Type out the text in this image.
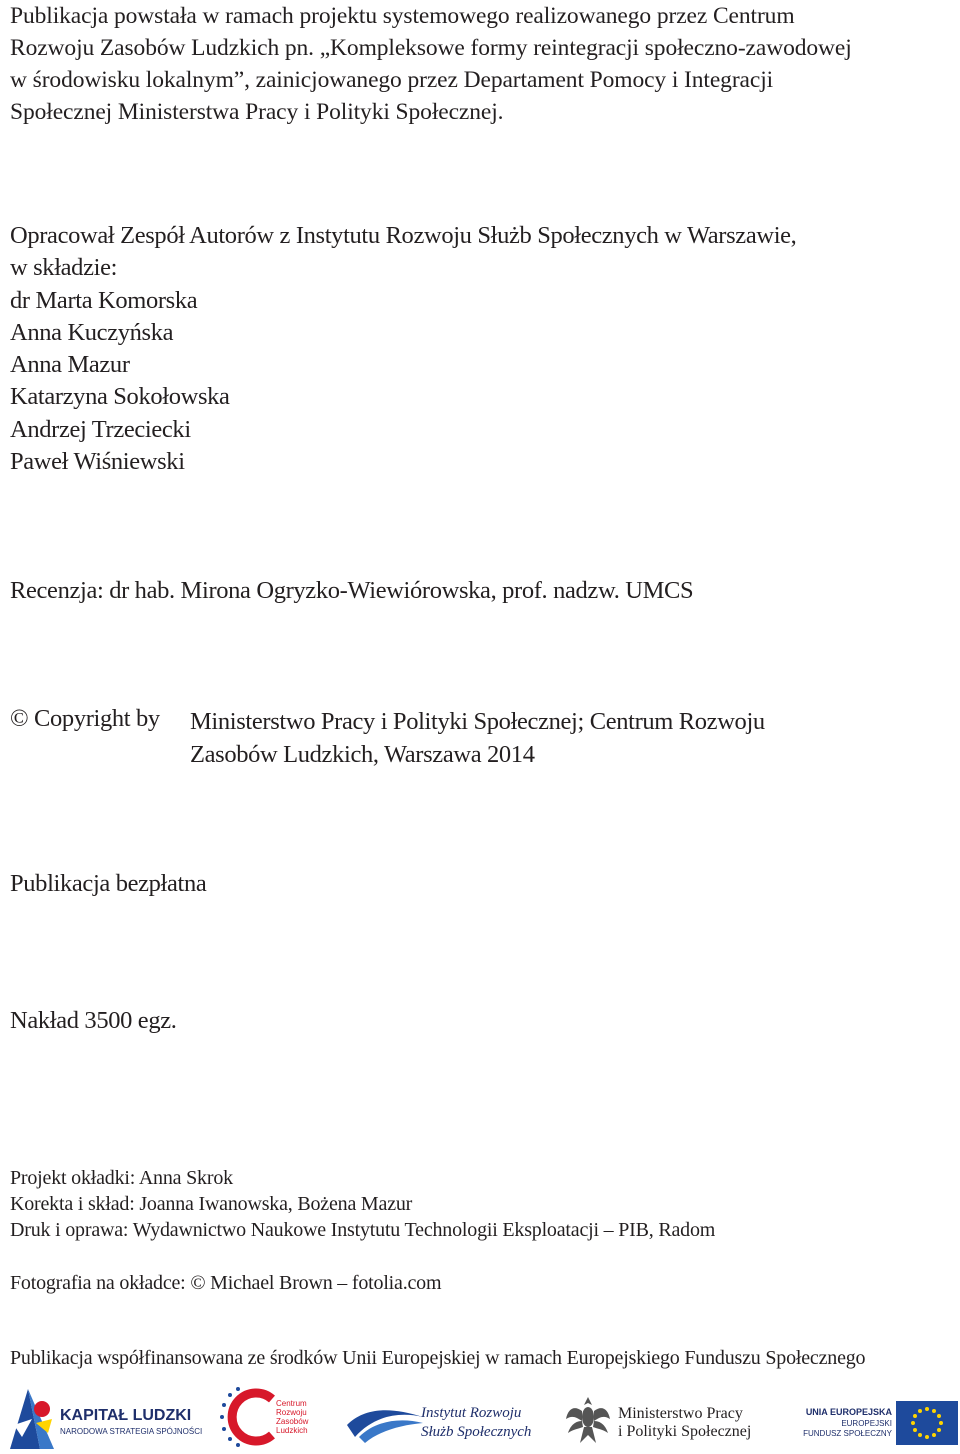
Publikacja powstała w ramach projektu systemowego realizowanego przez Centrum
Rozwoju Zasobów Ludzkich pn. „Kompleksowe formy reintegracji społeczno-zawodowej
w środowisku lokalnym”, zainicjowanego przez Departament Pomocy i Integracji
Społecznej Ministerstwa Pracy i Polityki Społecznej.
Opracował Zespół Autorów z Instytutu Rozwoju Służb Społecznych w Warszawie,
w składzie:
dr Marta Komorska
Anna Kuczyńska
Anna Mazur
Katarzyna Sokołowska
Andrzej Trzeciecki
Paweł Wiśniewski
Recenzja: dr hab. Mirona Ogryzko-Wiewiórowska, prof. nadzw. UMCS
© Copyright by Ministerstwo Pracy i Polityki Społecznej; Centrum Rozwoju
Zasobów Ludzkich, Warszawa 2014
Publikacja bezpłatna
Nakład 3500 egz.
Projekt okładki: Anna Skrok
Korekta i skład: Joanna Iwanowska, Bożena Mazur
Druk i oprawa: Wydawnictwo Naukowe Instytutu Technologii Eksploatacji – PIB, Radom
Fotografia na okładce: © Michael Brown – fotolia.com
Publikacja współfinansowana ze środków Unii Europejskiej w ramach Europejskiego Funduszu Społecznego
KAPITAŁ LUDZKI
NARODOWA STRATEGIA SPÓJNOŚCI
Centrum
Rozwoju
Zasobów
Ludzkich
Instytut Rozwoju
Służb Społecznych
Ministerstwo Pracy
i Polityki Społecznej
UNIA EUROPEJSKA
EUROPEJSKI
FUNDUSZ SPOŁECZNY
